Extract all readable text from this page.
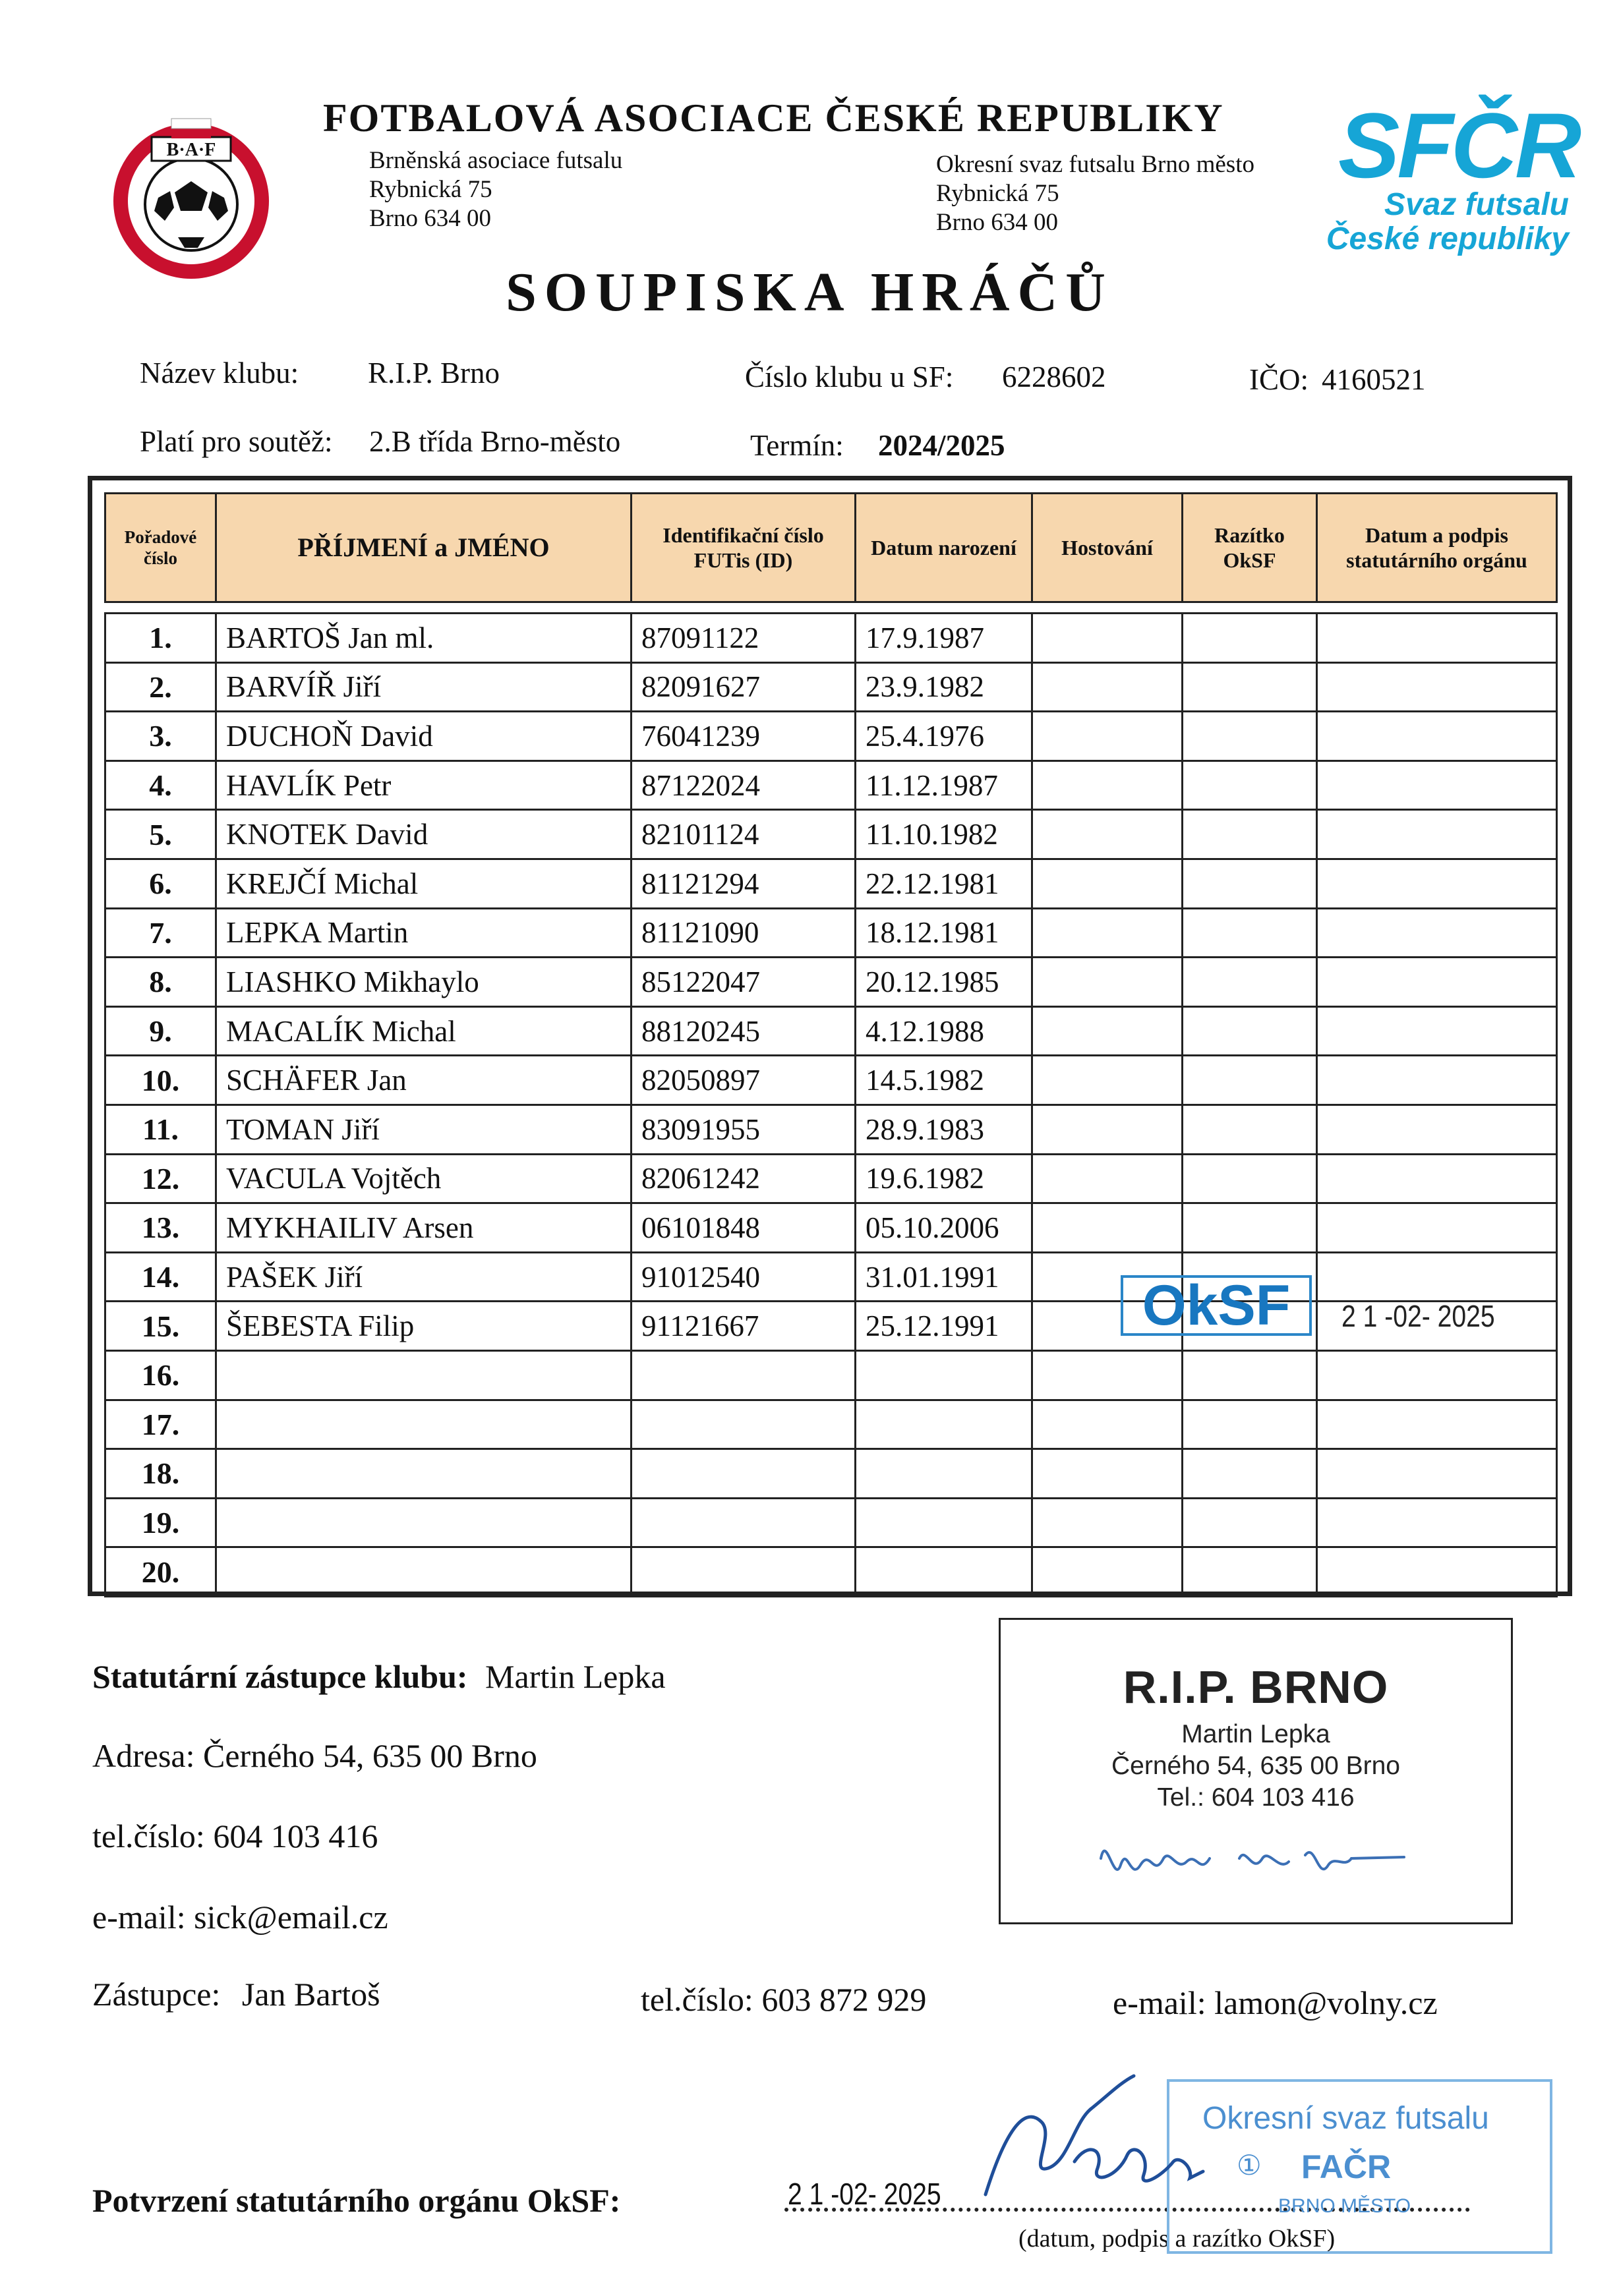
B·A·F
FOTBALOVÁ ASOCIACE ČESKÉ REPUBLIKY
Brněnská asociace futsalu
Rybnická 75
Brno 634 00
Okresní svaz futsalu Brno město
Rybnická 75
Brno 634 00
SFČR
Svaz futsalu
České republiky
SOUPISKA HRÁČŮ
Název klubu: R.I.P. Brno	Číslo klubu u SF: 6228602	IČO: 4160521
Platí pro soutěž: 2.B třída Brno-město	Termín: 2024/2025
Pořadové číslo	PŘÍJMENÍ a JMÉNO	Identifikační číslo FUTis (ID)	Datum narození	Hostování	Razítko OkSF	Datum a podpis statutárního orgánu

1.	BARTOŠ Jan ml.	87091122	17.9.1987			
2.	BARVÍŘ Jiří	82091627	23.9.1982			
3.	DUCHOŇ David	76041239	25.4.1976			
4.	HAVLÍK Petr	87122024	11.12.1987			
5.	KNOTEK David	82101124	11.10.1982			
6.	KREJČÍ Michal	81121294	22.12.1981			
7.	LEPKA Martin	81121090	18.12.1981			
8.	LIASHKO Mikhaylo	85122047	20.12.1985			
9.	MACALÍK Michal	88120245	4.12.1988			
10.	SCHÄFER Jan	82050897	14.5.1982			
11.	TOMAN Jiří	83091955	28.9.1983			
12.	VACULA Vojtěch	82061242	19.6.1982			
13.	MYKHAILIV Arsen	06101848	05.10.2006			
14.	PAŠEK Jiří	91012540	31.01.1991			
15.	ŠEBESTA Filip	91121667	25.12.1991			
16.						
17.						
18.						
19.						
20.						
OkSF	2 1 -02- 2025
Statutární zástupce klubu: Martin Lepka
Adresa: Černého 54, 635 00 Brno
tel.číslo: 604 103 416
e-mail: sick@email.cz
Zástupce: Jan Bartoš	tel.číslo: 603 872 929	e-mail: lamon@volny.cz
R.I.P. BRNO
Martin Lepka
Černého 54, 635 00 Brno
Tel.: 604 103 416
Potvrzení statutárního orgánu OkSF:	2 1 -02- 2025
(datum, podpis a razítko OkSF)
Okresní svaz futsalu
① FAČR
BRNO MĚSTO
